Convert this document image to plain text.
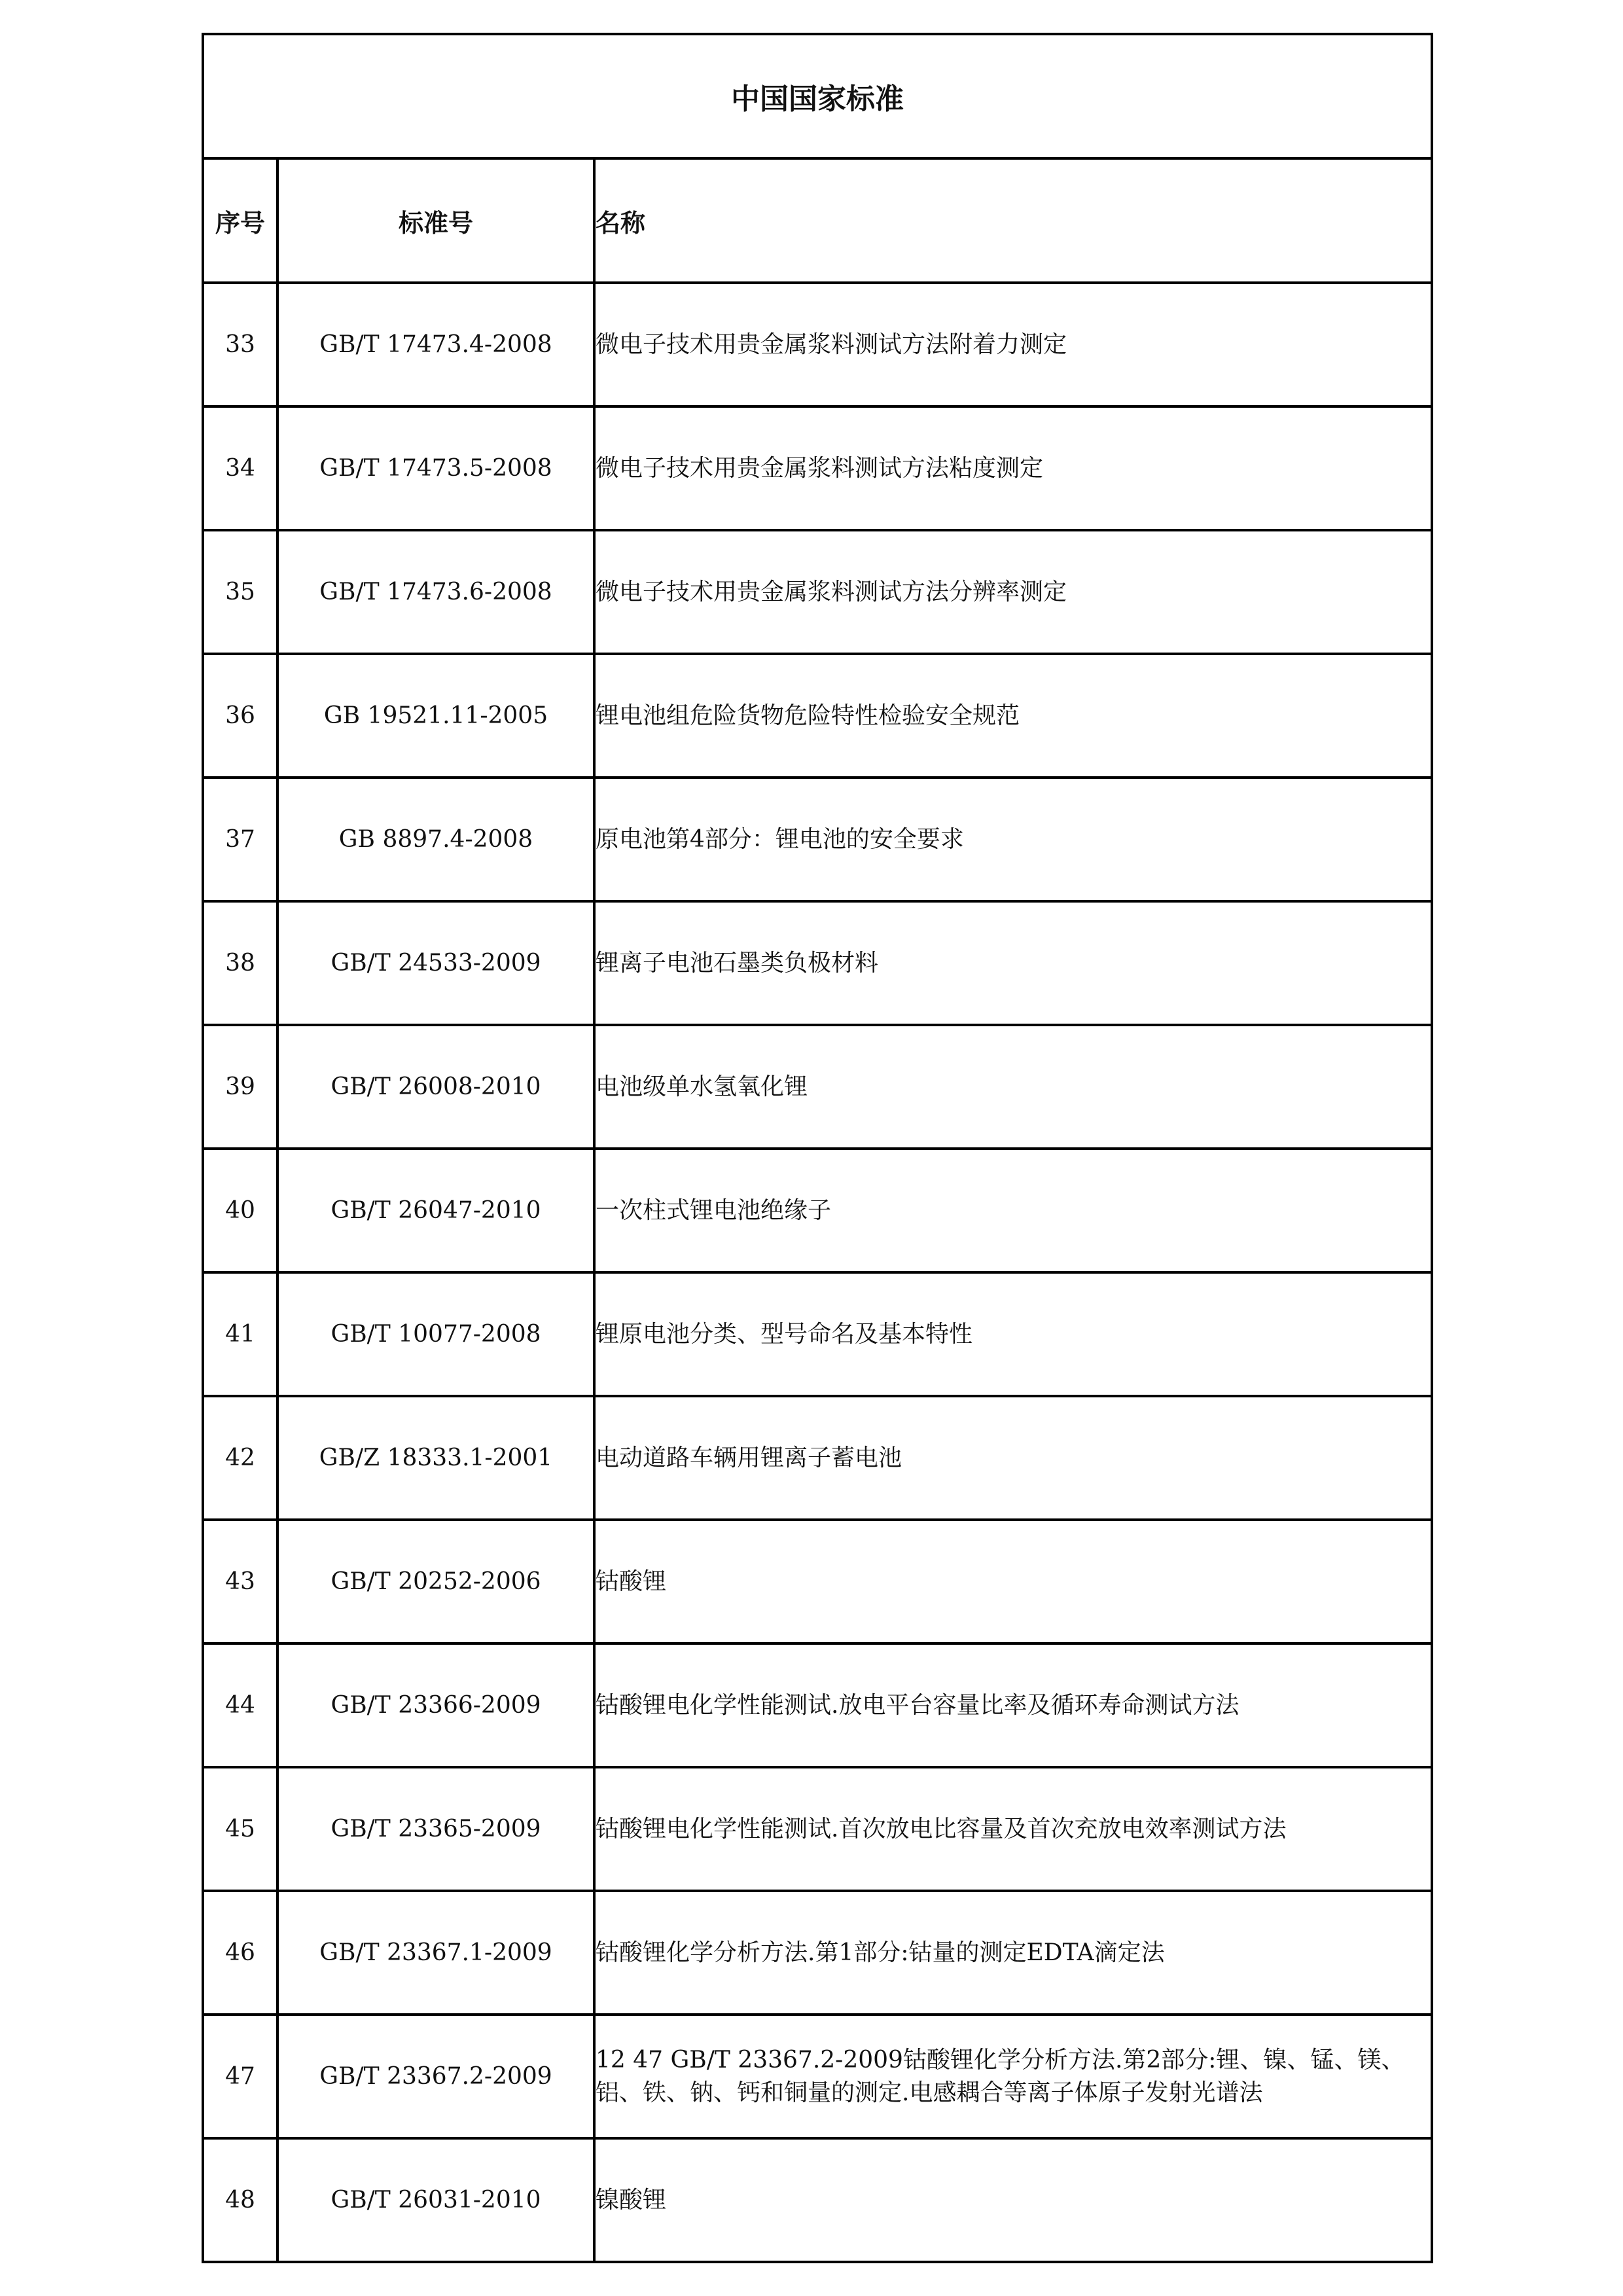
中国国家标准		
序号	标准号	名称
33	GB/T 17473.4-2008	微电子技术用贵金属浆料测试方法附着力测定
34	GB/T 17473.5-2008	微电子技术用贵金属浆料测试方法粘度测定
35	GB/T 17473.6-2008	微电子技术用贵金属浆料测试方法分辨率测定
36	GB 19521.11-2005	锂电池组危险货物危险特性检验安全规范
37	GB 8897.4-2008	原电池第4部分：锂电池的安全要求
38	GB/T 24533-2009	锂离子电池石墨类负极材料
39	GB/T 26008-2010	电池级单水氢氧化锂
40	GB/T 26047-2010	一次柱式锂电池绝缘子
41	GB/T 10077-2008	锂原电池分类、型号命名及基本特性
42	GB/Z 18333.1-2001	电动道路车辆用锂离子蓄电池
43	GB/T 20252-2006	钴酸锂
44	GB/T 23366-2009	钴酸锂电化学性能测试.放电平台容量比率及循环寿命测试方法
45	GB/T 23365-2009	钴酸锂电化学性能测试.首次放电比容量及首次充放电效率测试方法
46	GB/T 23367.1-2009	钴酸锂化学分析方法.第1部分:钴量的测定EDTA滴定法
47	GB/T 23367.2-2009	12 47 GB/T 23367.2-2009钴酸锂化学分析方法.第2部分:锂、镍、锰、镁、铝、铁、钠、钙和铜量的测定.电感耦合等离子体原子发射光谱法
48	GB/T 26031-2010	镍酸锂
